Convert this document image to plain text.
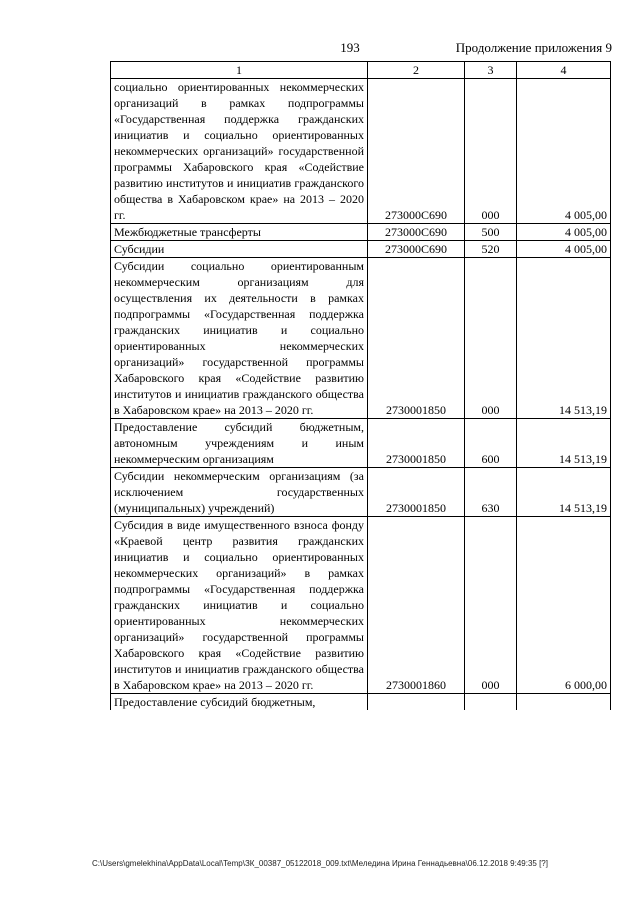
193	Продолжение приложения 9
1	2	3	4
социально ориентированных некоммерческих организаций в рамках подпрограммы «Государственная поддержка гражданских инициатив и социально ориентированных некоммерческих организаций» государственной программы Хабаровского края «Содействие развитию институтов и инициатив гражданского общества в Хабаровском крае» на 2013 – 2020 гг.	273000С690	000	4 005,00
Межбюджетные трансферты	273000С690	500	4 005,00
Субсидии	273000С690	520	4 005,00
Субсидии социально ориентированным некоммерческим организациям для осуществления их деятельности в рамках подпрограммы «Государственная поддержка гражданских инициатив и социально ориентированных некоммерческих организаций» государственной программы Хабаровского края «Содействие развитию институтов и инициатив гражданского общества в Хабаровском крае» на 2013 – 2020 гг.	2730001850	000	14 513,19
Предоставление субсидий бюджетным, автономным учреждениям и иным некоммерческим организациям	2730001850	600	14 513,19
Субсидии некоммерческим организациям (за исключением государственных (муниципальных) учреждений)	2730001850	630	14 513,19
Субсидия в виде имущественного взноса фонду «Краевой центр развития гражданских инициатив и социально ориентированных некоммерческих организаций» в рамках подпрограммы «Государственная поддержка гражданских инициатив и социально ориентированных некоммерческих организаций» государственной программы Хабаровского края «Содействие развитию институтов и инициатив гражданского общества в Хабаровском крае» на 2013 – 2020 гг.	2730001860	000	6 000,00
Предоставление субсидий бюджетным,			
C:\Users\gmelekhina\AppData\Local\Temp\ЗК_00387_05122018_009.txt\Меледина Ирина Геннадьевна\06.12.2018 9:49:35 [?]
